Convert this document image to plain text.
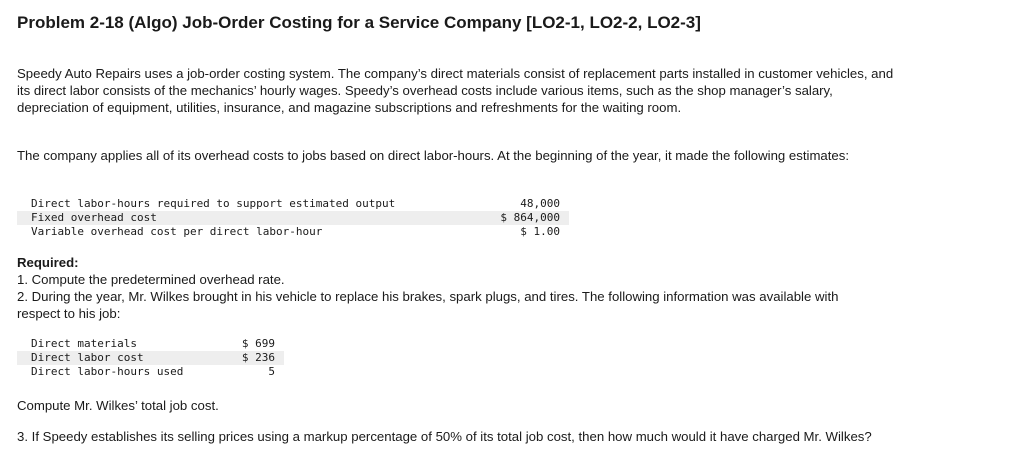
Problem 2-18 (Algo) Job-Order Costing for a Service Company [LO2-1, LO2-2, LO2-3]
Speedy Auto Repairs uses a job-order costing system. The company’s direct materials consist of replacement parts installed in customer vehicles, and its direct labor consists of the mechanics’ hourly wages. Speedy’s overhead costs include various items, such as the shop manager’s salary, depreciation of equipment, utilities, insurance, and magazine subscriptions and refreshments for the waiting room.
The company applies all of its overhead costs to jobs based on direct labor-hours. At the beginning of the year, it made the following estimates:
Direct labor-hours required to support estimated output	48,000
Fixed overhead cost	$ 864,000
Variable overhead cost per direct labor-hour	$ 1.00
Required:
1. Compute the predetermined overhead rate.
2. During the year, Mr. Wilkes brought in his vehicle to replace his brakes, spark plugs, and tires. The following information was available with respect to his job:
Direct materials	$ 699
Direct labor cost	$ 236
Direct labor-hours used	5
Compute Mr. Wilkes’ total job cost.
3. If Speedy establishes its selling prices using a markup percentage of 50% of its total job cost, then how much would it have charged Mr. Wilkes?
